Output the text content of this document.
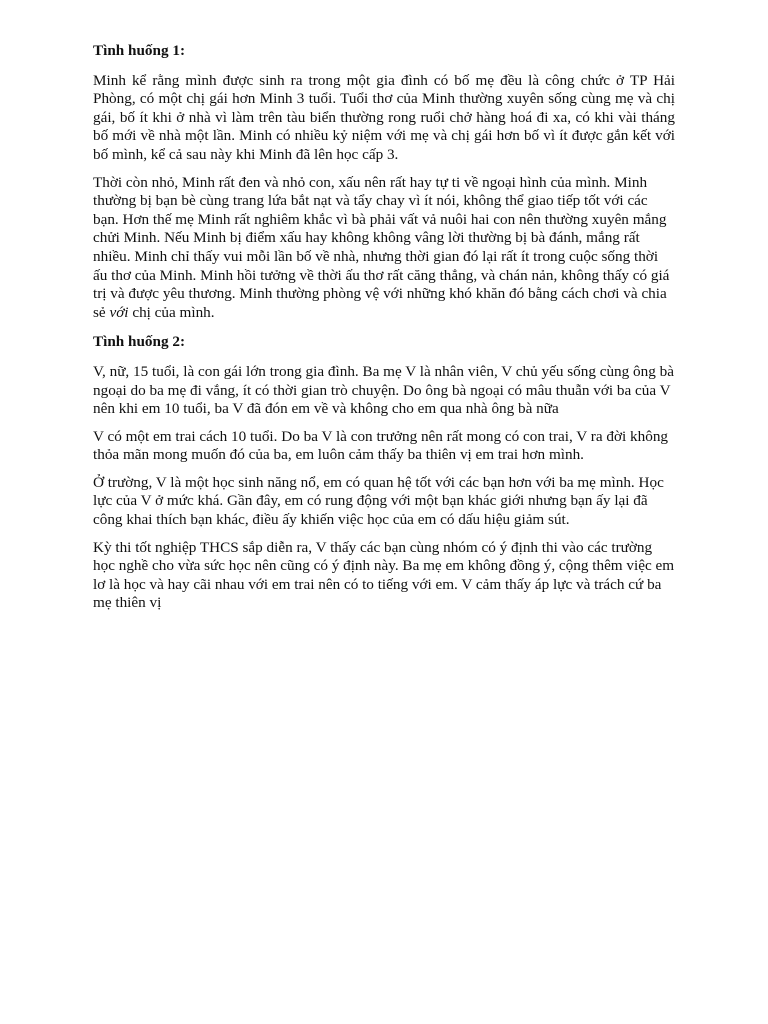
Tình huống 1:

Minh kể rằng mình được sinh ra trong một gia đình có bố mẹ đều là công chức ở TP Hải Phòng, có một chị gái hơn Minh 3 tuổi. Tuổi thơ của Minh thường xuyên sống cùng mẹ và chị gái, bố ít khi ở nhà vì làm trên tàu biển thường rong ruổi chở hàng hoá đi xa, có khi vài tháng bố mới về nhà một lần. Minh có nhiều kỷ niệm với mẹ và chị gái hơn bố vì ít được gắn kết với bố mình, kể cả sau này khi Minh đã lên học cấp 3.

Thời còn nhỏ, Minh rất đen và nhỏ con, xấu nên rất hay tự ti về ngoại hình của mình. Minh thường bị bạn bè cùng trang lứa bắt nạt và tẩy chay vì ít nói, không thể giao tiếp tốt với các bạn. Hơn thế mẹ Minh rất nghiêm khắc vì bà phải vất vả nuôi hai con nên thường xuyên mắng chửi Minh. Nếu Minh bị điểm xấu hay không không vâng lời thường bị bà đánh, mắng rất nhiều. Minh chỉ thấy vui mỗi lần bố về nhà, nhưng thời gian đó lại rất ít trong cuộc sống thời ấu thơ của Minh. Minh hồi tưởng về thời ấu thơ rất căng thẳng, và chán nản, không thấy có giá trị và được yêu thương. Minh thường phòng vệ với những khó khăn đó bằng cách chơi và chia sẻ với chị của mình.

Tình huống 2:

V, nữ, 15 tuổi, là con gái lớn trong gia đình. Ba mẹ V là nhân viên, V chủ yếu sống cùng ông bà ngoại do ba mẹ đi vắng, ít có thời gian trò chuyện. Do ông bà ngoại có mâu thuẫn với ba của V nên khi em 10 tuổi, ba V đã đón em về và không cho em qua nhà ông bà nữa

V có một em trai cách 10 tuổi. Do ba V là con trưởng nên rất mong có con trai, V ra đời không thỏa mãn mong muốn đó của ba, em luôn cảm thấy ba thiên vị em trai hơn mình.

Ở trường, V là một học sinh năng nổ, em có quan hệ tốt với các bạn hơn với ba mẹ mình. Học lực của V ở mức khá. Gần đây, em có rung động với một bạn khác giới nhưng bạn ấy lại đã công khai thích bạn khác, điều ấy khiến việc học của em có dấu hiệu giảm sút.

Kỳ thi tốt nghiệp THCS sắp diễn ra, V thấy các bạn cùng nhóm có ý định thi vào các trường học nghề cho vừa sức học nên cũng có ý định này. Ba mẹ em không đồng ý, cộng thêm việc em lơ là học và hay cãi nhau với em trai nên có to tiếng với em. V cảm thấy áp lực và trách cứ ba mẹ thiên vị
